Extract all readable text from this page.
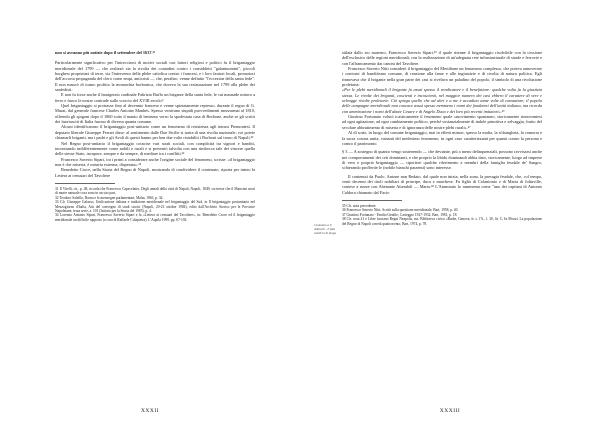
non si avranno più notizie dopo il settembre del 1637.³¹

Particolarmente significativo per l'intrecciarsi di motivi sociali con fattori religiosi e politici fu il brigantaggio meridionale del 1799 — che realizzò sia la rivolta dei contadini contro i considdetti "galantuomini", piccoli borghesi proprietari di terre, sia l'intervento della plebe cattolica contro i francesi, e i loro fautori locali, promotori dell'accorta propaganda del clero come empi, anticristi — che, peraltro, venne definito "l'eccezion della santa fede". Il non mancò di tramo profitto la monarchia borbonica, che doveva la sua restaurazione nel 1799 alla plebe dei sanfedisti.

E non fu forse anche il famigerato cardinale Fabrizio Ruffo un brigante della santa fede, le cui masnade misero a ferro e fuoco le nostre contrade sullo scorcio del XVIII secolo?

Quel brigantaggio si protrasse fino al decennio francese e venne spietatamente represso, durante il regno di G. Murat, dal generale francese Charles Antoine Manhès. Spesso venivano stupidi provvedimenti mezzarmat al 1810, offrendo gli spigoni dopo il 1860 sotto il manto di benismo verso la spodestata casa di Borbone, anche se gli scritti dei fuoriusciti di Italia furono di diversa quanta comune.

Alcuni identificarono il brigantaggio post-unitario come un fenomeno di resistenza agli intrusi Piemontesi. Il deputato liberale Giuseppe Ferrari disse: al sentimento dalle Due Sicilie si tratta di una rivolta nazionale; voi potete chiamarli briganti, ma i padri e gli Avoli di questi hanno per ben due volte ristabiliti i Borboni sul trono di Napoli.³²

Nel Regno post-unitario il brigantaggio coincise vari strati sociali, con complicità tra signori e banditi, incontrando indifferentemente come nobili e rurali e si presentò talvolta con una rimbocca tale dei vincere quella delle stesse Stato, incapace, sempre e da sempre, di mediare tra i conflitti.³³

Francesco Saverio Sipari, tra i primi a considerare anche l'origine sociale del fenomeno, scrisse: «il brigantaggio non è che miseria, è miseria estrema, disperata».³⁴

Benedetto Croce, nella Storia del Regno di Napoli, mostrando di condividere il contenuto, riporta per intero la Lettera ai censuari del Tavoliere

31 Il Vitelli, cit., p. 48, ricorda che Francesco Capecelatro, Degli annali della città di Napoli, Napoli, 1849; scrivesse che il Mancino morì di morte naturale cosa sono in un suo part.

32 Teodoro Salzillo, Roma e le menzogne parlamentari, Malta, 1863, p. 34.

33 Cfr. Giuseppe Galasso, Unificazione italiana e tradizione meridionale nel brigantaggio del Sud, in Il brigantaggio postunitario nel Mezzogiorno d'Italia, Atti del convegno di studi storici (Napoli, 20-21 ottobre 1984), edito dall'Archivio Storico per le Province Napoletane, terza serie, a. 101 (Istituto per la Storia del 1985), p. 4.

34 Lorenzo Antonio Sipari, Francesco Saverio Sipari e la «Lettera ai censuari del Tavoliere», in: Benedetto Croce ed il brigantaggio meridionale un difficile rapporto (a cura di Raffaele Colapietra), L'Aquila 1999, pp. 67-103.

XXXII
Cesteamo a li Antimeti - il fatti nobili in di lungo

stilata dallo zio materno, Francesco Saverio Sipari,³⁵ il quale ritenne il brigantaggio risolvibile con la cessione dell'esclusivo delle regioni meridionali, con la realizzazione di un'adeguata rete infrastrutturale di strade e ferrovie e con l'affrancamento dai canoni del Tavoliere.

Francesco Saverio Nitti considerò il brigantaggio del Meridione un fenomeno complesso, che poteva annoverare i contorni di banditismo comune, di reazione alla fame e alle ingiustizie e di rivolta di natura politica. Egli rinnovava che il brigante nella gran parte dei casi si rivelava un paladino del popolo, il simbolo di una rivoluzione proletaria:

«Per le plebi meridionali il brigante fu assai spesso il vendicatore e il benefattore: qualche volta fu la giustizia stessa. Le rivolte dei briganti, coscienti e incoscienti, nel maggior numero dei casi ebbero il carattere di vere e selvagge rivolte proletarie. Ciò spiega quello che ad altri e a me è accaduto tante volte di constatare; il popolo delle campagne meridionali non conosce assai spesso nemmeno i nomi dei fondatori dell'unità italiana, ma ricorda con ammirazione i nomi dell'abate Cesare e di Angelo Duca e dei loro più recenti imitatori».³⁶

Giustino Fortunato volutò icasticamente il fenomeno quale «movimento spontaneo, storicamente rinnovantesi ad ogni agitazione, ad ogni cambiamento politico, perché sostanzialmente di indole primitiva e selvaggia, frutto del secolare abbrutimento di miseria e di ignoranza delle nostre plebi rurali».³⁷

Al di sotto, in luogo del comune brigantaggio, mai in effetti minori, spesso la mafia, la n'drangheta, la camorra e la sacra corona unita, varianti del medesimo fenomeno; in ogni caso caratterizzanti per quanti contro la persona e contro il patrimonio.

§ 3 — A sostegno di quanto vengo sostenendo — che deviante, più o meno delinquenziali, possono ravvisarsi anche nei comportamenti dei ceti dominanti, e che proprio la libido dominandi abbia dato, storicamente, luogo ad imprese di vero e proprio brigantaggio — riporterò qualche riferimento a membri della famiglia feudale de' Sangro, schierando profferite le (nobile bianchi paraenti) sono interesse.

Il contenuti da Paolo, Antone non Redato, dal quale non inizia, nella zona, la presagia feudale, che, col tempo, venti decenni dei titoli nobiliari di principe, duca e marchese. Fu figlio di Colantonio e di Maria di Jolinville, contese a nozze con Abenante Attendoli — Maria.³⁸ L'Ammirato lo rammenta come "uno dei capitani di Antonio Caldora chiamato dal Facio

35 Cfr. nota precedente.

36 Francesco Saverio Nitti, Scritti sulla questione meridionale, Bari, 1958, p. 40.

37 Giustino Fortunato - Emilio Gentile, Carteggio 1927-1932, Bari, 1981, p. 18.

38 Cfr. nota 21 e Libre farciano Regni Neapolis, ms. Biblioteca civica «Barbe, Genova, fr. s. l'A., f. 30, lit. C; In Mozzi, La popolazione del Regno di Napoli a metà quattrocento, Bari, 1974, p. 78.

XXXIII
